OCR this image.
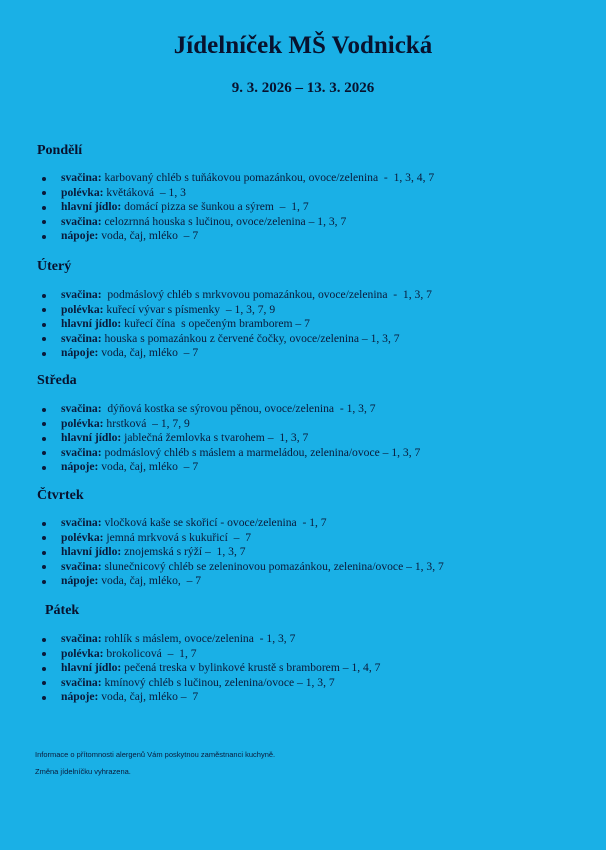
Jídelníček MŠ Vodnická
9. 3. 2026 – 13. 3. 2026
Pondělí
svačina: karbovaný chléb s tuňákovou pomazánkou, ovoce/zelenina  -  1, 3, 4, 7
polévka: květáková  – 1, 3
hlavní jídlo: domácí pizza se šunkou a sýrem  –  1, 7
svačina: celozrnná houska s lučinou, ovoce/zelenina – 1, 3, 7
nápoje: voda, čaj, mléko  – 7
Úterý
svačina:  podmáslový chléb s mrkvovou pomazánkou, ovoce/zelenina  -  1, 3, 7
polévka: kuřecí vývar s písmenky  – 1, 3, 7, 9
hlavní jídlo: kuřecí čína  s opečeným bramborem – 7
svačina: houska s pomazánkou z červené čočky, ovoce/zelenina – 1, 3, 7
nápoje: voda, čaj, mléko  – 7
Středa
svačina:  dýňová kostka se sýrovou pěnou, ovoce/zelenina  - 1, 3, 7
polévka: hrstková  – 1, 7, 9
hlavní jídlo: jablečná žemlovka s tvarohem –  1, 3, 7
svačina: podmáslový chléb s máslem a marmeládou, zelenina/ovoce – 1, 3, 7
nápoje: voda, čaj, mléko  – 7
Čtvrtek
svačina: vločková kaše se skořicí - ovoce/zelenina  - 1, 7
polévka: jemná mrkvová s kukuřicí  –  7
hlavní jídlo: znojemská s rýží –  1, 3, 7
svačina: slunečnicový chléb se zeleninovou pomazánkou, zelenina/ovoce – 1, 3, 7
nápoje: voda, čaj, mléko,  – 7
Pátek
svačina: rohlík s máslem, ovoce/zelenina  - 1, 3, 7
polévka: brokolicová  –  1, 7
hlavní jídlo: pečená treska v bylinkové krustě s bramborem – 1, 4, 7
svačina: kmínový chléb s lučinou, zelenina/ovoce – 1, 3, 7
nápoje: voda, čaj, mléko –  7
Informace o přítomnosti alergenů Vám poskytnou zaměstnanci kuchyně.
Změna jídelníčku vyhrazena.
